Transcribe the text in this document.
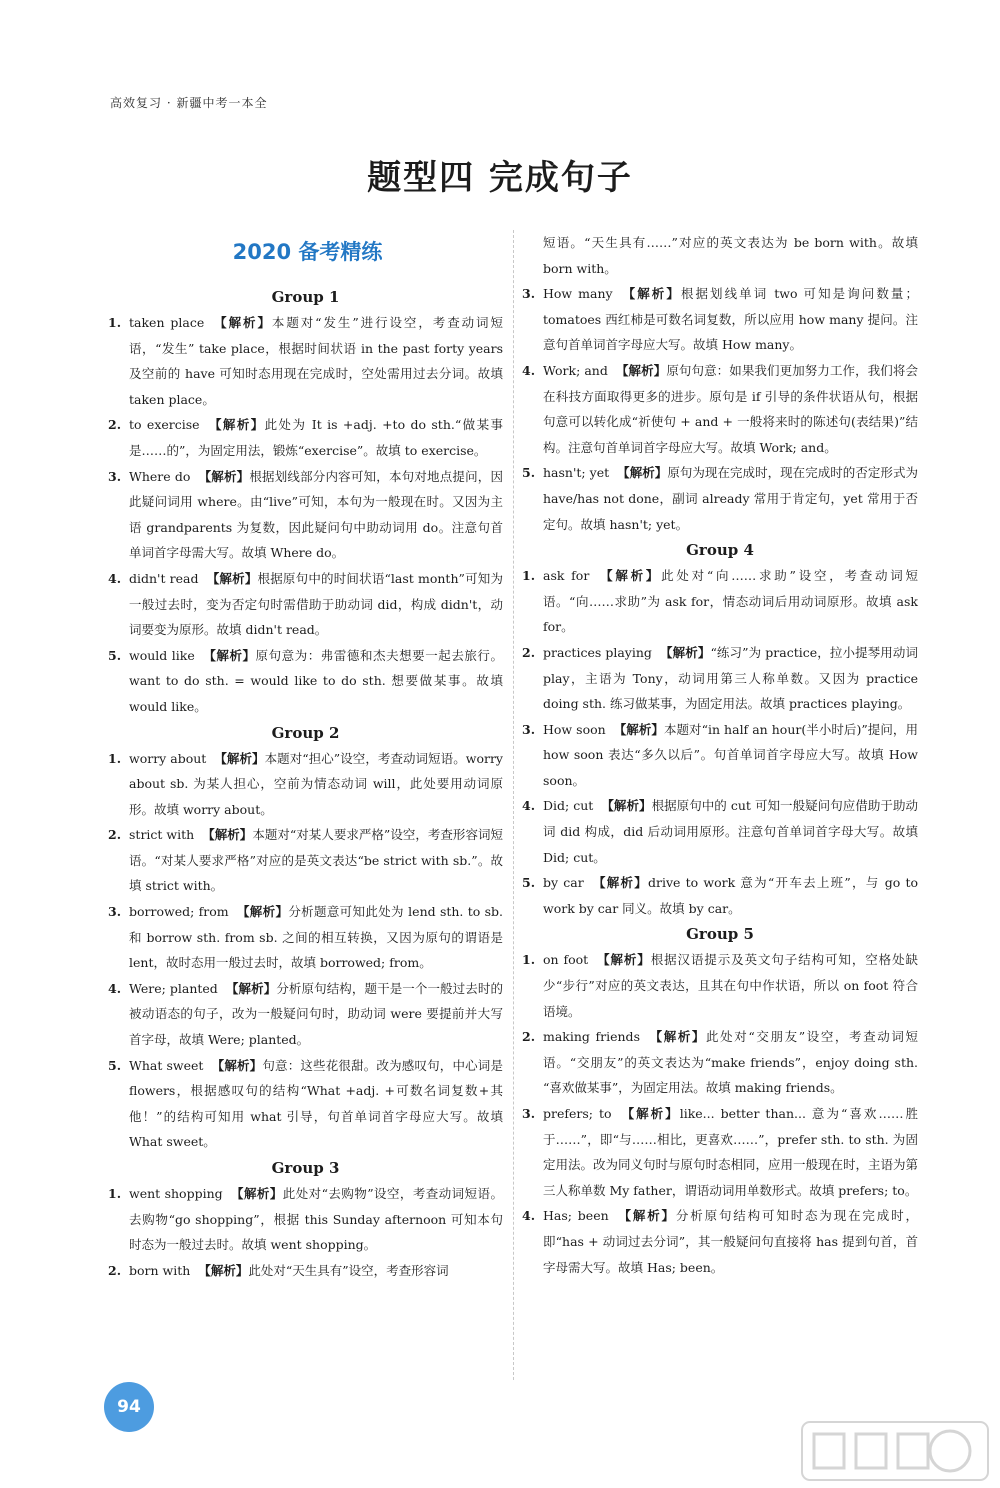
高效复习 · 新疆中考一本全
题型四 完成句子
2020 备考精练
Group 1
1. taken place 【解析】本题对“发生”进行设空，考查动词短语，“发生” take place，根据时间状语 in the past forty years 及空前的 have 可知时态用现在完成时，空处需用过去分词。故填 taken place。
2. to exercise 【解析】此处为 It is +adj. +to do sth.“做某事是……的”，为固定用法，锻炼“exercise”。故填 to exercise。
3. Where do 【解析】根据划线部分内容可知，本句对地点提问，因此疑问词用 where。由“live”可知，本句为一般现在时。又因为主语 grandparents 为复数，因此疑问句中助动词用 do。注意句首单词首字母需大写。故填 Where do。
4. didn't read 【解析】根据原句中的时间状语“last month”可知为一般过去时，变为否定句时需借助于助动词 did，构成 didn't，动词要变为原形。故填 didn't read。
5. would like 【解析】原句意为：弗雷德和杰夫想要一起去旅行。want to do sth. = would like to do sth. 想要做某事。故填 would like。
Group 2
1. worry about 【解析】本题对“担心”设空，考查动词短语。worry about sb. 为某人担心，空前为情态动词 will，此处要用动词原形。故填 worry about。
2. strict with 【解析】本题对“对某人要求严格”设空，考查形容词短语。“对某人要求严格”对应的是英文表达“be strict with sb.”。故填 strict with。
3. borrowed; from 【解析】分析题意可知此处为 lend sth. to sb. 和 borrow sth. from sb. 之间的相互转换，又因为原句的谓语是 lent，故时态用一般过去时，故填 borrowed; from。
4. Were; planted 【解析】分析原句结构，题干是一个一般过去时的被动语态的句子，改为一般疑问句时，助动词 were 要提前并大写首字母，故填 Were; planted。
5. What sweet 【解析】句意：这些花很甜。改为感叹句，中心词是 flowers，根据感叹句的结构“What +adj. +可数名词复数+其他！”的结构可知用 what 引导，句首单词首字母应大写。故填 What sweet。
Group 3
1. went shopping 【解析】此处对“去购物”设空，考查动词短语。去购物“go shopping”，根据 this Sunday afternoon 可知本句时态为一般过去时。故填 went shopping。
2. born with 【解析】此处对“天生具有”设空，考查形容词
短语。“天生具有……”对应的英文表达为 be born with。故填 born with。
3. How many 【解析】根据划线单词 two 可知是询问数量；tomatoes 西红柿是可数名词复数，所以应用 how many 提问。注意句首单词首字母应大写。故填 How many。
4. Work; and 【解析】原句句意：如果我们更加努力工作，我们将会在科技方面取得更多的进步。原句是 if 引导的条件状语从句，根据句意可以转化成“祈使句 + and + 一般将来时的陈述句(表结果)”结构。注意句首单词首字母应大写。故填 Work; and。
5. hasn't; yet 【解析】原句为现在完成时，现在完成时的否定形式为 have/has not done，副词 already 常用于肯定句，yet 常用于否定句。故填 hasn't; yet。
Group 4
1. ask for 【解析】此处对“向……求助”设空，考查动词短语。“向……求助”为 ask for，情态动词后用动词原形。故填 ask for。
2. practices playing 【解析】“练习”为 practice，拉小提琴用动词 play，主语为 Tony，动词用第三人称单数。又因为 practice doing sth. 练习做某事，为固定用法。故填 practices playing。
3. How soon 【解析】本题对“in half an hour(半小时后)”提问，用 how soon 表达“多久以后”。句首单词首字母应大写。故填 How soon。
4. Did; cut 【解析】根据原句中的 cut 可知一般疑问句应借助于助动词 did 构成，did 后动词用原形。注意句首单词首字母大写。故填 Did; cut。
5. by car 【解析】drive to work 意为“开车去上班”，与 go to work by car 同义。故填 by car。
Group 5
1. on foot 【解析】根据汉语提示及英文句子结构可知，空格处缺少“步行”对应的英文表达，且其在句中作状语，所以 on foot 符合语境。
2. making friends 【解析】此处对“交朋友”设空，考查动词短语。“交朋友”的英文表达为“make friends”，enjoy doing sth. “喜欢做某事”，为固定用法。故填 making friends。
3. prefers; to 【解析】like... better than... 意为“喜欢……胜于……”，即“与……相比，更喜欢……”，prefer sth. to sth. 为固定用法。改为同义句时与原句时态相同，应用一般现在时，主语为第三人称单数 My father，谓语动词用单数形式。故填 prefers; to。
4. Has; been 【解析】分析原句结构可知时态为现在完成时，即“has + 动词过去分词”，其一般疑问句直接将 has 提到句首，首字母需大写。故填 Has; been。
94
